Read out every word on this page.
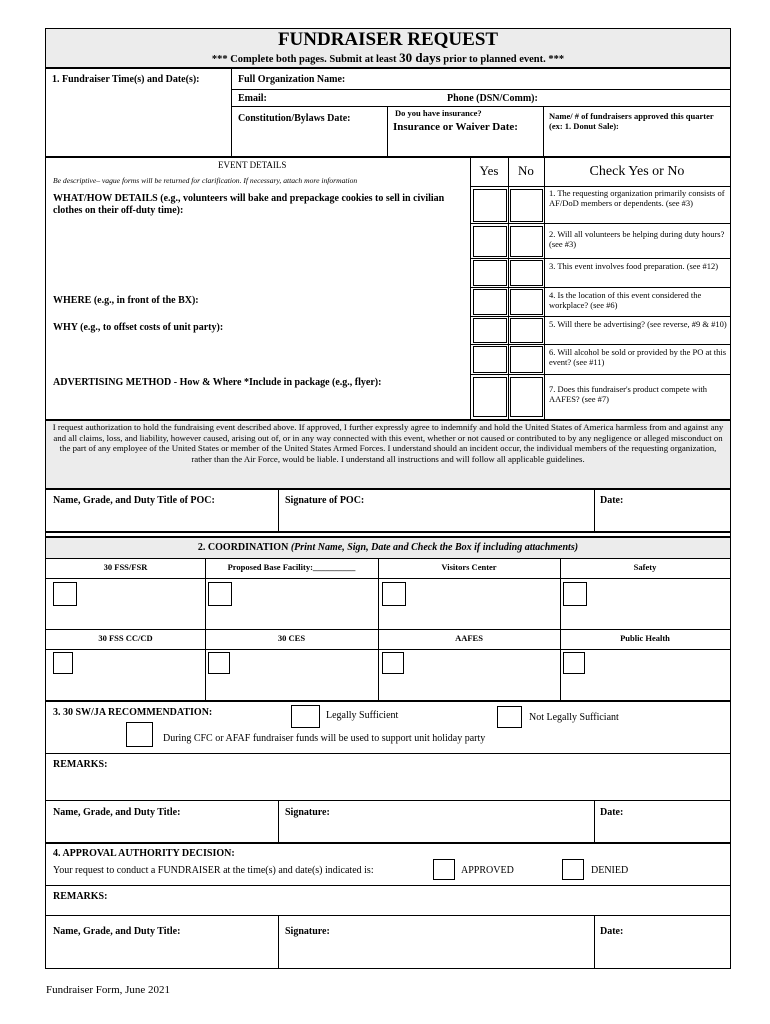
FUNDRAISER REQUEST
*** Complete both pages. Submit at least 30 days prior to planned event. ***
1. Fundraiser Time(s) and Date(s):	Full Organization Name:
Email:	Phone (DSN/Comm):
Constitution/Bylaws Date:	Do you have insurance?
Insurance or Waiver Date:
Name/ # of fundraisers approved this quarter (ex: 1. Donut Sale):
EVENT DETAILS
Be descriptive– vague forms will be returned for clarification. If necessary, attach more information
Yes	No	Check Yes or No
WHAT/HOW DETAILS (e.g., volunteers will bake and prepackage cookies to sell in civilian clothes on their off-duty time):
WHERE (e.g., in front of the BX):
WHY (e.g., to offset costs of unit party):
ADVERTISING METHOD - How & Where *Include in package (e.g., flyer):
1. The requesting organization primarily consists of AF/DoD members or dependents. (see #3)
2. Will all volunteers be helping during duty hours? (see #3)
3. This event involves food preparation. (see #12)
4. Is the location of this event considered the workplace? (see #6)
5. Will there be advertising? (see reverse, #9 & #10)
6. Will alcohol be sold or provided by the PO at this event? (see #11)
7. Does this fundraiser's product compete with AAFES? (see #7)
I request authorization to hold the fundraising event described above. If approved, I further expressly agree to indemnify and hold the United States of America harmless from and against any and all claims, loss, and liability, however caused, arising out of, or in any way connected with this event, whether or not caused or contributed to by any negligence or alleged misconduct on the part of any employee of the United States or member of the United States Armed Forces. I understand should an incident occur, the individual members of the requesting organization, rather than the Air Force, would be liable. I understand all instructions and will follow all applicable guidelines.
Name, Grade, and Duty Title of POC:	Signature of POC:	Date:
2. COORDINATION (Print Name, Sign, Date and Check the Box if including attachments)
30 FSS/FSR	Proposed Base Facility:__________	Visitors Center	Safety
30 FSS CC/CD	30 CES	AAFES	Public Health
3. 30 SW/JA RECOMMENDATION:	Legally Sufficient	Not Legally Sufficiant
During CFC or AFAF fundraiser funds will be used to support unit holiday party
REMARKS:
Name, Grade, and Duty Title:	Signature:	Date:
4. APPROVAL AUTHORITY DECISION:
Your request to conduct a FUNDRAISER at the time(s) and date(s) indicated is:	APPROVED	DENIED
REMARKS:
Name, Grade, and Duty Title:	Signature:	Date:
Fundraiser Form, June 2021
